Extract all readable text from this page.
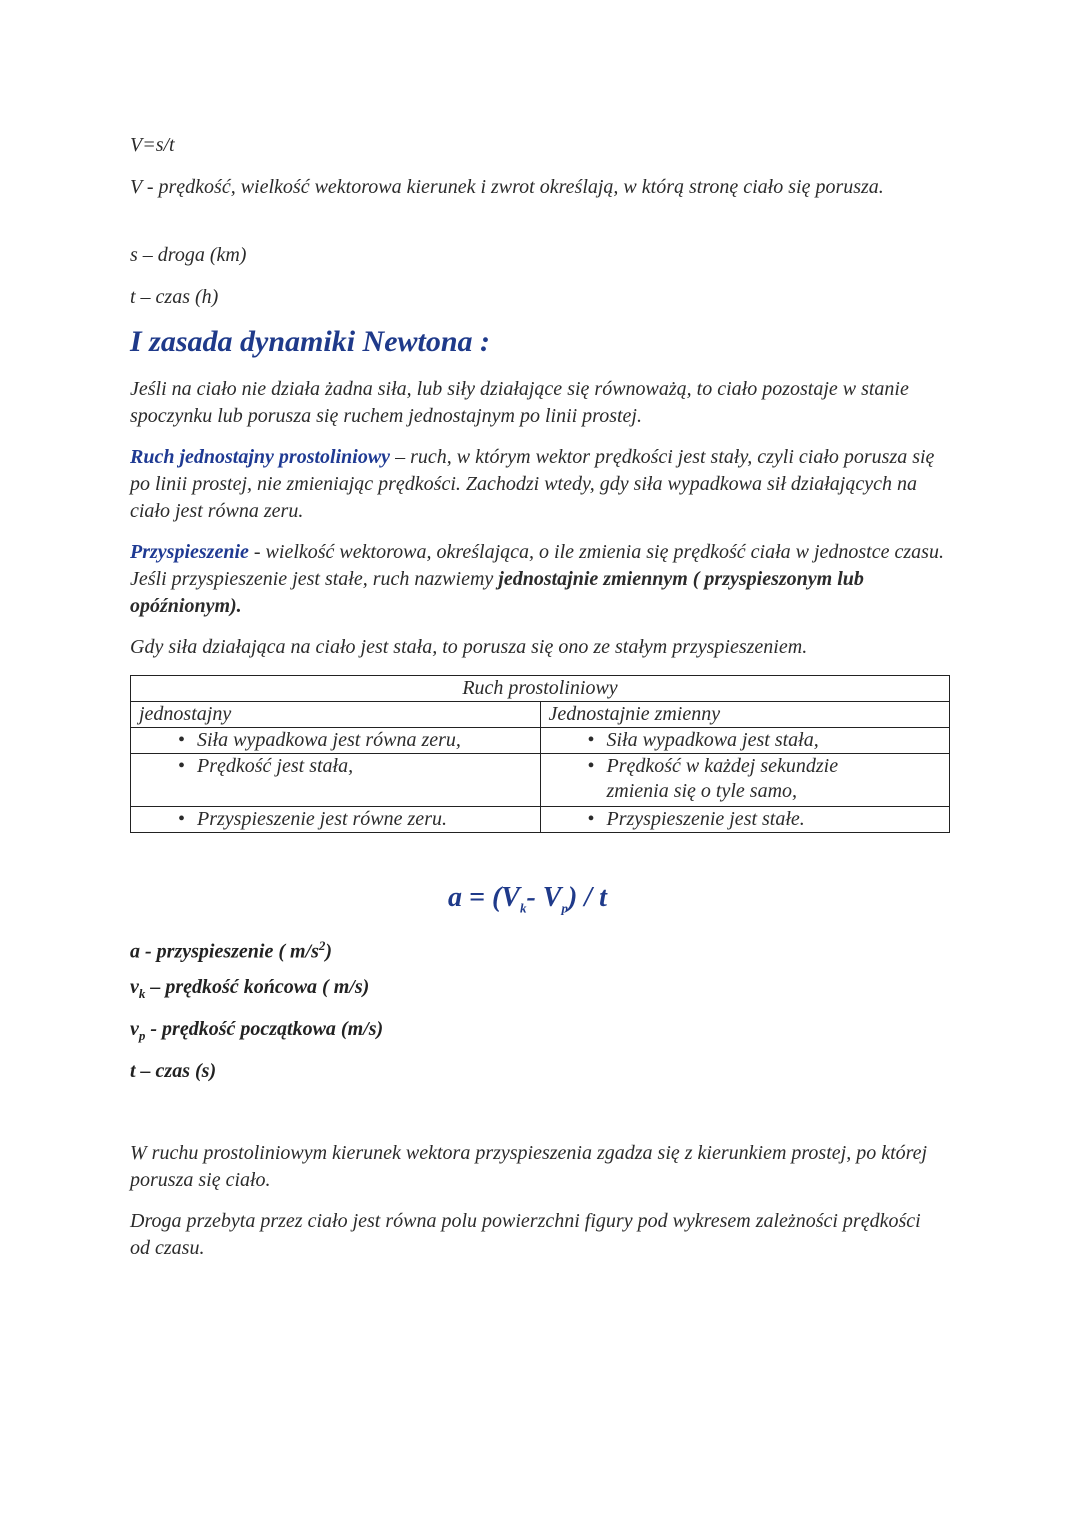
V=s/t

V - prędkość, wielkość wektorowa kierunek i zwrot określają, w którą stronę ciało się porusza.

s – droga (km)

t – czas (h)

I zasada dynamiki Newtona :

Jeśli na ciało nie działa żadna siła, lub siły działające się równoważą, to ciało pozostaje w stanie spoczynku lub porusza się ruchem jednostajnym po linii prostej.

Ruch jednostajny prostoliniowy – ruch, w którym wektor prędkości jest stały, czyli ciało porusza się po linii prostej, nie zmieniając prędkości. Zachodzi wtedy, gdy siła wypadkowa sił działających na ciało jest równa zeru.

Przyspieszenie - wielkość wektorowa, określająca, o ile zmienia się prędkość ciała w jednostce czasu. Jeśli przyspieszenie jest stałe, ruch nazwiemy jednostajnie zmiennym ( przyspieszonym lub opóźnionym).

Gdy siła działająca na ciało jest stała, to porusza się ono ze stałym przyspieszeniem.

Ruch prostoliniowy	
jednostajny	Jednostajnie zmienny

• Siła wypadkowa jest równa zeru,	• Siła wypadkowa jest stała,

• Prędkość jest stała,	• Prędkość w każdej sekundzie zmienia się o tyle samo,

• Przyspieszenie jest równe zeru.	• Przyspieszenie jest stałe.

$a = (V_k-$ $V_p$) / t

a - przyspieszenie ( $m/s^2$)

$v_k$ – prędkość końcowa ( m/s)

$v_p$ - prędkość początkowa (m/s)

t – czas (s)

W ruchu prostoliniowym kierunek wektora przyspieszenia zgadza się z kierunkiem prostej, po której porusza się ciało.

Droga przebyta przez ciało jest równa polu powierzchni figury pod wykresem zależności prędkości od czasu.
